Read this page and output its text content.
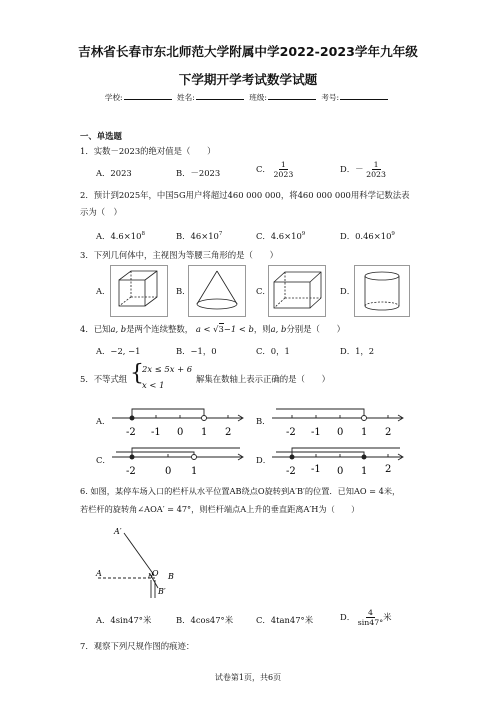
吉林省长春市东北师范大学附属中学2022-2023学年九年级
下学期开学考试数学试题
学校:	姓名:	班级:	考号:
一、单选题
1．实数－2023的绝对值是（　　）
A．2023	B．－2023	C． $\frac{1}{2023}$	D．－ $\frac{1}{2023}$
2．预计到2025年，中国5G用户将超过460 000 000，将460 000 000用科学记数法表
示为（　）
A．$4.6\times 10^8$	B．$46\times 10^7$	C．$4.6\times 10^9$	D．$0.46\times 10^9$
3．下列几何体中，主视图为等腰三角形的是（　　）
A．	B．	C．	D．
4．已知a, b是两个连续整数， a < √3−1 < b，则a, b分别是（　　）
A．−2, −1	B．−1，0	C．0，1	D．1，2
5．不等式组 {
2x ≤ 5x + 6
x < 1
解集在数轴上表示正确的是（　　）
A．
-2 -1 0 1 2
B．
-2 -1 0 1 2
C．
-2	0 1
D．
-2 -1 0 1 2
6. 如图，某停车场入口的栏杆从水平位置AB绕点O旋转到A′B′的位置．已知AO = 4米，
若栏杆的旋转角∠AOA′ = 47°，则栏杆端点A上升的垂直距离A′H为（　　）
A′
A	O B
H
B′
A．4sin47°米	B．4cos47°米	C．4tan47°米	D． $\frac{4}{\sin 47^\circ}$ 米
7．观察下列尺规作图的痕迹：
试卷第1页，共6页
